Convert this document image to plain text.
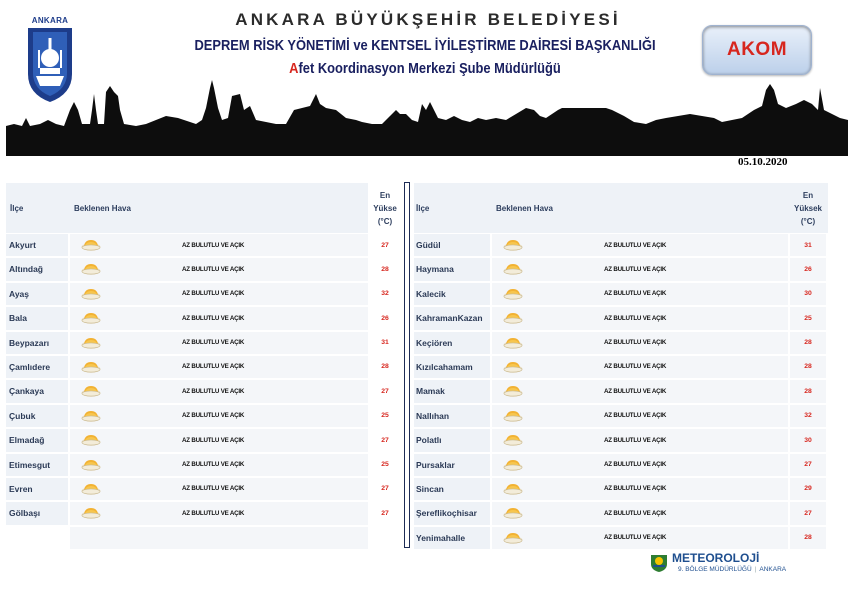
ANKARA	ANKARA BÜYÜKŞEHİR BELEDİYESİ
DEPREM RİSK YÖNETİMİ ve KENTSEL İYİLEŞTİRME DAİRESİ BAŞKANLIĞI
Afet Koordinasyon Merkezi Şube Müdürlüğü
AKOM
05.10.2020
İlçe	Beklenen Hava
En
Yükse
(°C)
Akyurt	AZ BULUTLU VE AÇIK	27
Altındağ	AZ BULUTLU VE AÇIK	28
Ayaş	AZ BULUTLU VE AÇIK	32
Bala	AZ BULUTLU VE AÇIK	26
Beypazarı	AZ BULUTLU VE AÇIK	31
Çamlıdere	AZ BULUTLU VE AÇIK	28
Çankaya	AZ BULUTLU VE AÇIK	27
Çubuk	AZ BULUTLU VE AÇIK	25
Elmadağ	AZ BULUTLU VE AÇIK	27
Etimesgut	AZ BULUTLU VE AÇIK	25
Evren	AZ BULUTLU VE AÇIK	27
Gölbaşı	AZ BULUTLU VE AÇIK	27
İlçe	Beklenen Hava
En
Yüksek
(°C)
Güdül	AZ BULUTLU VE AÇIK	31
Haymana	AZ BULUTLU VE AÇIK	26
Kalecik	AZ BULUTLU VE AÇIK	30
KahramanKazan	AZ BULUTLU VE AÇIK	25
Keçiören	AZ BULUTLU VE AÇIK	28
Kızılcahamam	AZ BULUTLU VE AÇIK	28
Mamak	AZ BULUTLU VE AÇIK	28
Nallıhan	AZ BULUTLU VE AÇIK	32
Polatlı	AZ BULUTLU VE AÇIK	30
Pursaklar	AZ BULUTLU VE AÇIK	27
Sincan	AZ BULUTLU VE AÇIK	29
Şereflikoçhisar	AZ BULUTLU VE AÇIK	27
Yenimahalle	AZ BULUTLU VE AÇIK	28
METEOROLOJİ
9. BÖLGE MÜDÜRLÜĞÜ | ANKARA
